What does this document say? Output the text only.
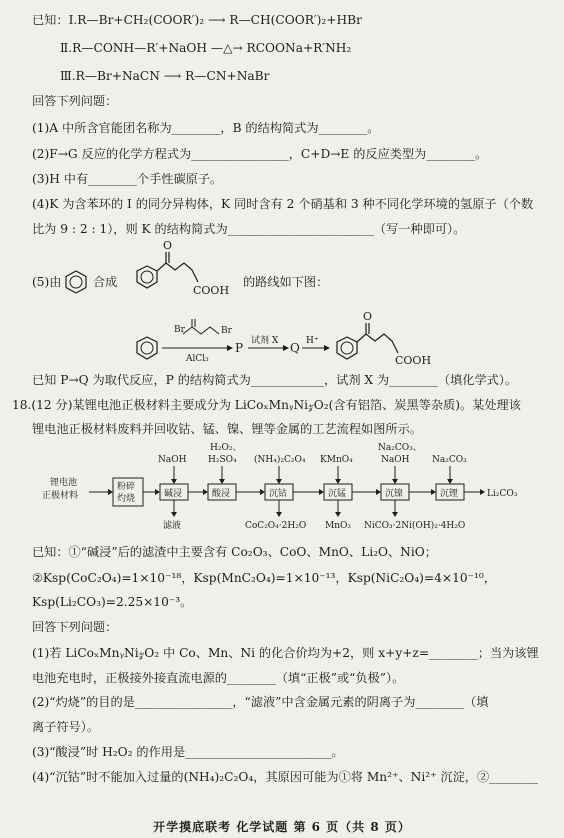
已知：Ⅰ.R—Br+CH₂(COOR′)₂ ⟶ R—CH(COOR′)₂+HBr
Ⅱ.R—CONH—R′+NaOH —△→ RCOONa+R′NH₂
Ⅲ.R—Br+NaCN ⟶ R—CN+NaBr
回答下列问题：
(1)A 中所含官能团名称为________，B 的结构简式为________。
(2)F→G 反应的化学方程式为________________，C+D→E 的反应类型为________。
(3)H 中有________个手性碳原子。
(4)K 为含苯环的 I 的同分异构体，K 同时含有 2 个硝基和 3 种不同化学环境的氢原子（个数
比为 9 : 2 : 1），则 K 的结构简式为________________________（写一种即可）。
(5)由	合成	的路线如下图：
O
COOH
Br	Br
AlCl₃
P 试剂 X Q H⁺
O
COOH
已知 P→Q 为取代反应，P 的结构简式为____________，试剂 X 为________（填化学式）。
18.(12 分)某锂电池正极材料主要成分为 LiCoₓMnᵧNi𝓏O₂(含有铝箔、炭黑等杂质)。某处理该
锂电池正极材料废料并回收钴、锰、镍、锂等金属的工艺流程如图所示。
锂电池
正极材料
粉碎
灼烧	碱浸
NaOH
滤液
酸浸
H₂O₂、
H₂SO₄
沉钴
(NH₄)₂C₂O₄
CoC₂O₄·2H₂O
沉锰
KMnO₄
MnO₂
沉镍
Na₂CO₃、
NaOH
NiCO₃·2Ni(OH)₂·4H₂O
沉锂
Na₂CO₃
Li₂CO₃
已知：①“碱浸”后的滤渣中主要含有 Co₂O₃、CoO、MnO、Li₂O、NiO；
②Ksp(CoC₂O₄)=1×10⁻¹⁸，Ksp(MnC₂O₄)=1×10⁻¹³，Ksp(NiC₂O₄)=4×10⁻¹⁰，
Ksp(Li₂CO₃)=2.25×10⁻³。
回答下列问题：
(1)若 LiCoₓMnᵧNi𝓏O₂ 中 Co、Mn、Ni 的化合价均为+2，则 x+y+z=________；当为该锂
电池充电时，正极接外接直流电源的________（填“正极”或“负极”）。
(2)“灼烧”的目的是________________，“滤液”中含金属元素的阴离子为________（填
离子符号）。
(3)“酸浸”时 H₂O₂ 的作用是________________________。
(4)“沉钴”时不能加入过量的(NH₄)₂C₂O₄，其原因可能为①将 Mn²⁺、Ni²⁺ 沉淀，②________
开学摸底联考 化学试题 第 6 页（共 8 页）
